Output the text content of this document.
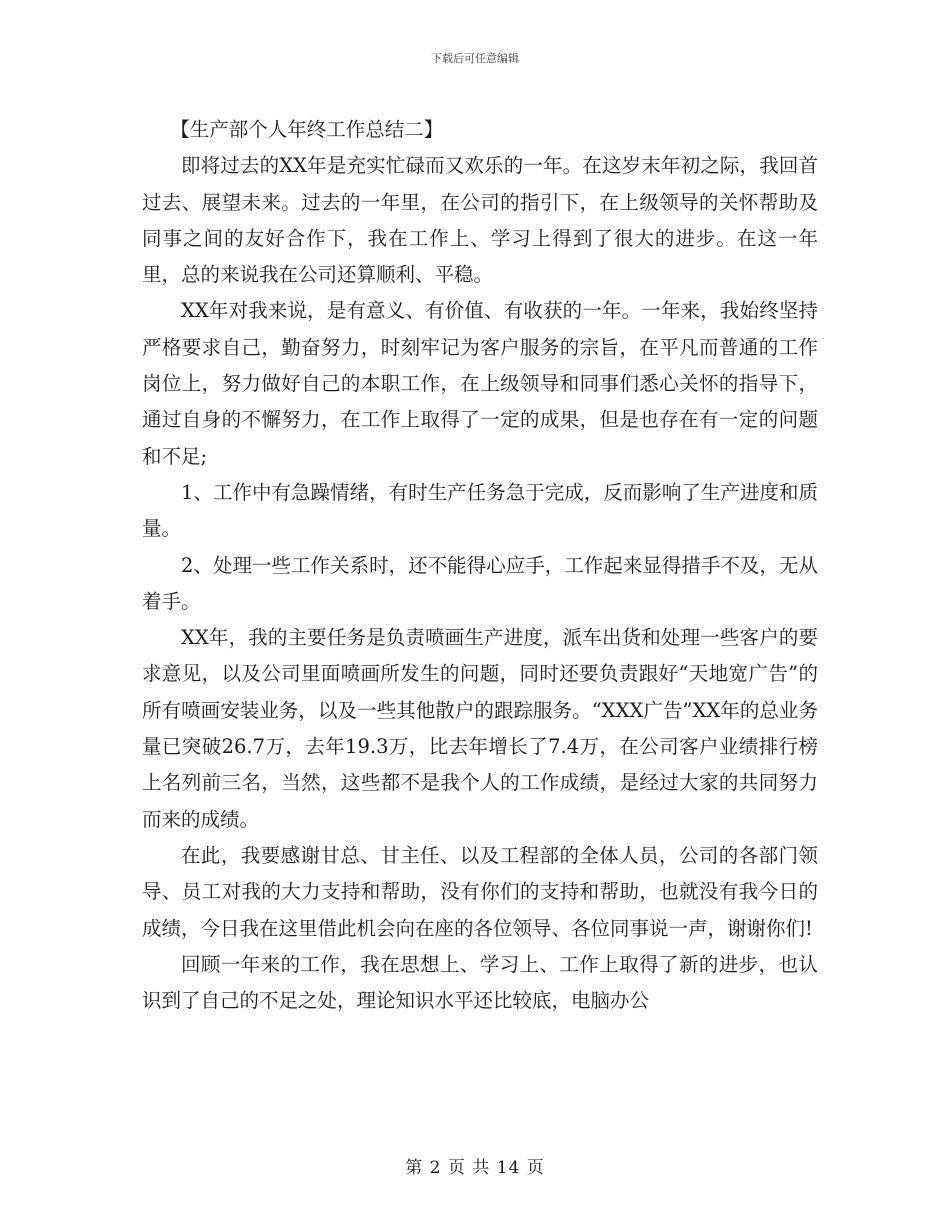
下载后可任意编辑

【生产部个人年终工作总结二】

即将过去的XX年是充实忙碌而又欢乐的一年。在这岁末年初之际，我回首过去、展望未来。过去的一年里，在公司的指引下，在上级领导的关怀帮助及同事之间的友好合作下，我在工作上、学习上得到了很大的进步。在这一年里，总的来说我在公司还算顺利、平稳。

XX年对我来说，是有意义、有价值、有收获的一年。一年来，我始终坚持严格要求自己，勤奋努力，时刻牢记为客户服务的宗旨，在平凡而普通的工作岗位上，努力做好自己的本职工作，在上级领导和同事们悉心关怀的指导下，通过自身的不懈努力，在工作上取得了一定的成果，但是也存在有一定的问题和不足;

1、工作中有急躁情绪，有时生产任务急于完成，反而影响了生产进度和质量。

2、处理一些工作关系时，还不能得心应手，工作起来显得措手不及，无从着手。

XX年，我的主要任务是负责喷画生产进度，派车出货和处理一些客户的要求意见，以及公司里面喷画所发生的问题，同时还要负责跟好“天地宽广告”的所有喷画安装业务，以及一些其他散户的跟踪服务。“XXX广告”XX年的总业务量已突破26.7万，去年19.3万，比去年增长了7.4万，在公司客户业绩排行榜上名列前三名，当然，这些都不是我个人的工作成绩，是经过大家的共同努力而来的成绩。

在此，我要感谢甘总、甘主任、以及工程部的全体人员，公司的各部门领导、员工对我的大力支持和帮助，没有你们的支持和帮助，也就没有我今日的成绩，今日我在这里借此机会向在座的各位领导、各位同事说一声，谢谢你们!

回顾一年来的工作，我在思想上、学习上、工作上取得了新的进步，也认识到了自己的不足之处，理论知识水平还比较底，电脑办公

第 2 页 共 14 页
